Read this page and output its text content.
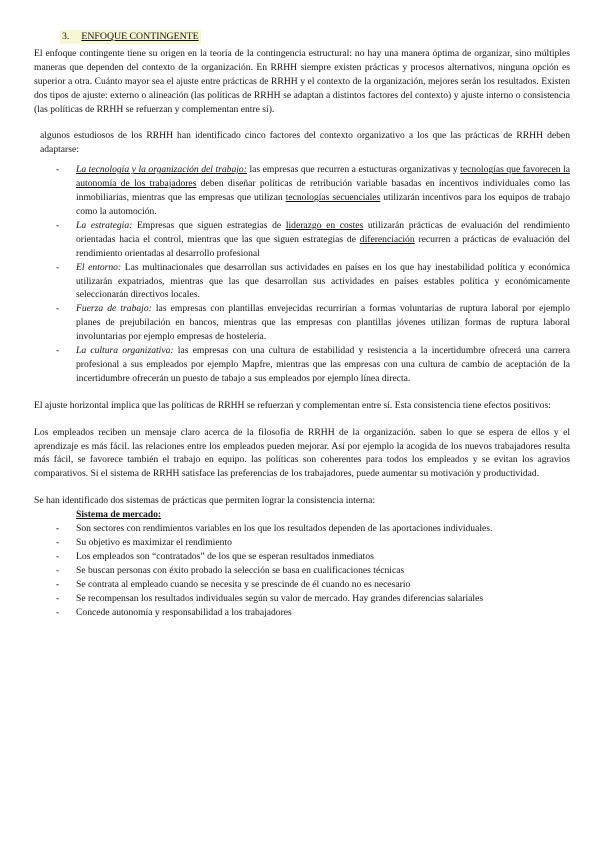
3. ENFOQUE CONTINGENTE

El enfoque contingente tiene su origen en la teoría de la contingencia estructural: no hay una manera óptima de organizar, sino múltiples maneras que dependen del contexto de la organización. En RRHH siempre existen prácticas y procesos alternativos, ninguna opción es superior a otra. Cuánto mayor sea el ajuste entre prácticas de RRHH y el contexto de la organización, mejores serán los resultados. Existen dos tipos de ajuste: externo o alineación (las políticas de RRHH se adaptan a distintos factores del contexto) y ajuste interno o consistencia (las políticas de RRHH se refuerzan y complementan entre sí).

algunos estudiosos de los RRHH han identificado cinco factores del contexto organizativo a los que las prácticas de RRHH deben adaptarse:

- La tecnología y la organización del trabajo: las empresas que recurren a estucturas organizativas y tecnologías que favorecen la autonomía de los trabajadores deben diseñar políticas de retribución variable basadas en incentivos individuales como las inmobiliarias, mientras que las empresas que utilizan tecnologías secuenciales utilizarán incentivos para los equipos de trabajo como la automoción.
- La estrategia: Empresas que siguen estrategias de liderazgo en costes utilizarán prácticas de evaluación del rendimiento orientadas hacia el control, mientras que las que siguen estrategias de diferenciación recurren a prácticas de evaluación del rendimiento orientadas al desarrollo profesional
- El entorno: Las multinacionales que desarrollan sus actividades en países en los que hay inestabilidad política y económica utilizarán expatriados, mientras que las que desarrollan sus actividades en países estables política y económicamente seleccionarán directivos locales.
- Fuerza de trabajo: las empresas con plantillas envejecidas recurrirían a formas voluntarias de ruptura laboral por ejemplo planes de prejubilación en bancos, mientras que las empresas con plantillas jóvenes utilizan formas de ruptura laboral involuntarias por ejemplo empresas de hostelería.
- La cultura organizativa: las empresas con una cultura de estabilidad y resistencia a la incertidumbre ofrecerá una carrera profesional a sus empleados por ejemplo Mapfre, mientras que las empresas con una cultura de cambio de aceptación de la incertidumbre ofrecerán un puesto de tabajo a sus empleados por ejemplo línea directa.

El ajuste horizontal implica que las políticas de RRHH se refuerzan y complementan entre sí. Esta consistencia tiene efectos positivos:

Los empleados reciben un mensaje claro acerca de la filosofía de RRHH de la organización. saben lo que se espera de ellos y el aprendizaje es más fácil. las relaciones entre los empleados pueden mejorar. Así por ejemplo la acogida de los nuevos trabajadores resulta más fácil, se favorece también el trabajo en equipo. las políticas son coherentes para todos los empleados y se evitan los agravios comparativos. Si el sistema de RRHH satisface las preferencias de los trabajadores, puede aumentar su motivación y productividad.

Se han identificado dos sistemas de prácticas que permiten lograr la consistencia interna:

Sistema de mercado:
- Son sectores con rendimientos variables en los que los resultados dependen de las aportaciones individuales.
- Su objetivo es maximizar el rendimiento
- Los empleados son “contratados” de los que se esperan resultados inmediatos
- Se buscan personas con éxito probado la selección se basa en cualificaciones técnicas
- Se contrata al empleado cuando se necesita y se prescinde de él cuando no es necesario
- Se recompensan los resultados individuales según su valor de mercado. Hay grandes diferencias salariales
- Concede autonomía y responsabilidad a los trabajadores
